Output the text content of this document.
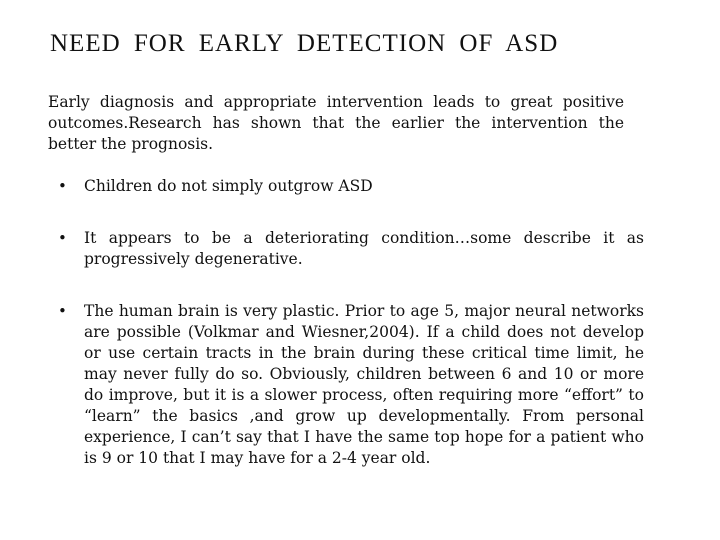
NEED FOR EARLY DETECTION OF ASD
Early diagnosis and appropriate intervention leads to great positive outcomes.Research has shown that the earlier the intervention the better the prognosis.
• Children do not simply outgrow ASD
• It appears to be a deteriorating condition…some describe it as progressively degenerative.
• The human brain is very plastic. Prior to age 5, major neural networks are possible (Volkmar and Wiesner,2004). If a child does not develop or use certain tracts in the brain during these critical time limit, he may never fully do so. Obviously, children between 6 and 10 or more do improve, but it is a slower process, often requiring more “effort” to “learn” the basics ,and grow up developmentally. From personal experience, I can’t say that I have the same top hope for a patient who is 9 or 10 that I may have for a 2-4 year old.
